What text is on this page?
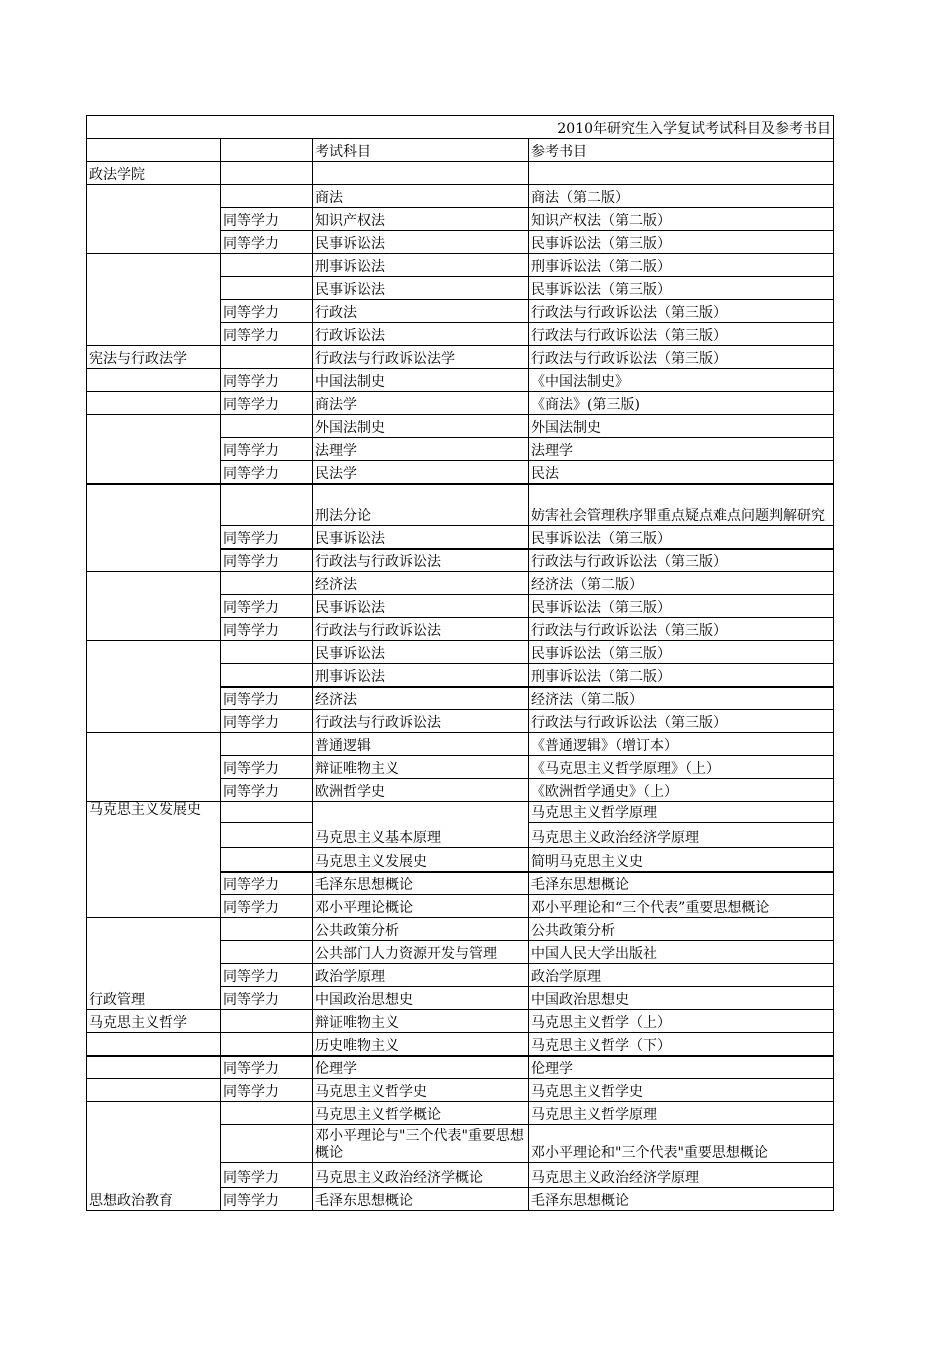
2010年研究生入学复试考试科目及参考书目			
		考试科目	参考书目
政法学院			
		商法	商法（第二版）
	同等学力	知识产权法	知识产权法（第二版）
	同等学力	民事诉讼法	民事诉讼法（第三版）
		刑事诉讼法	刑事诉讼法（第二版）
		民事诉讼法	民事诉讼法（第三版）
	同等学力	行政法	行政法与行政诉讼法（第三版）
	同等学力	行政诉讼法	行政法与行政诉讼法（第三版）
宪法与行政法学		行政法与行政诉讼法学	行政法与行政诉讼法（第三版）
	同等学力	中国法制史	《中国法制史》
	同等学力	商法学	《商法》(第三版)
		外国法制史	外国法制史
	同等学力	法理学	法理学
	同等学力	民法学	民法
		刑法分论	妨害社会管理秩序罪重点疑点难点问题判解研究
	同等学力	民事诉讼法	民事诉讼法（第三版）
	同等学力	行政法与行政诉讼法	行政法与行政诉讼法（第三版）
		经济法	经济法（第二版）
	同等学力	民事诉讼法	民事诉讼法（第三版）
	同等学力	行政法与行政诉讼法	行政法与行政诉讼法（第三版）
		民事诉讼法	民事诉讼法（第三版）
		刑事诉讼法	刑事诉讼法（第二版）
	同等学力	经济法	经济法（第二版）
	同等学力	行政法与行政诉讼法	行政法与行政诉讼法（第三版）
		普通逻辑	《普通逻辑》（增订本）
	同等学力	辩证唯物主义	《马克思主义哲学原理》（上）
	同等学力	欧洲哲学史	《欧洲哲学通史》（上）
马克思主义发展史		马克思主义基本原理	马克思主义哲学原理
			马克思主义政治经济学原理
		马克思主义发展史	简明马克思主义史
	同等学力	毛泽东思想概论	毛泽东思想概论
	同等学力	邓小平理论概论	邓小平理论和“三个代表”重要思想概论
行政管理		公共政策分析	公共政策分析
		公共部门人力资源开发与管理	中国人民大学出版社
	同等学力	政治学原理	政治学原理
	同等学力	中国政治思想史	中国政治思想史
马克思主义哲学		辩证唯物主义	马克思主义哲学（上）
		历史唯物主义	马克思主义哲学（下）
	同等学力	伦理学	伦理学
	同等学力	马克思主义哲学史	马克思主义哲学史
思想政治教育		马克思主义哲学概论	马克思主义哲学原理
		邓小平理论与"三个代表"重要思想概论	邓小平理论和"三个代表"重要思想概论
	同等学力	马克思主义政治经济学概论	马克思主义政治经济学原理
	同等学力	毛泽东思想概论	毛泽东思想概论
